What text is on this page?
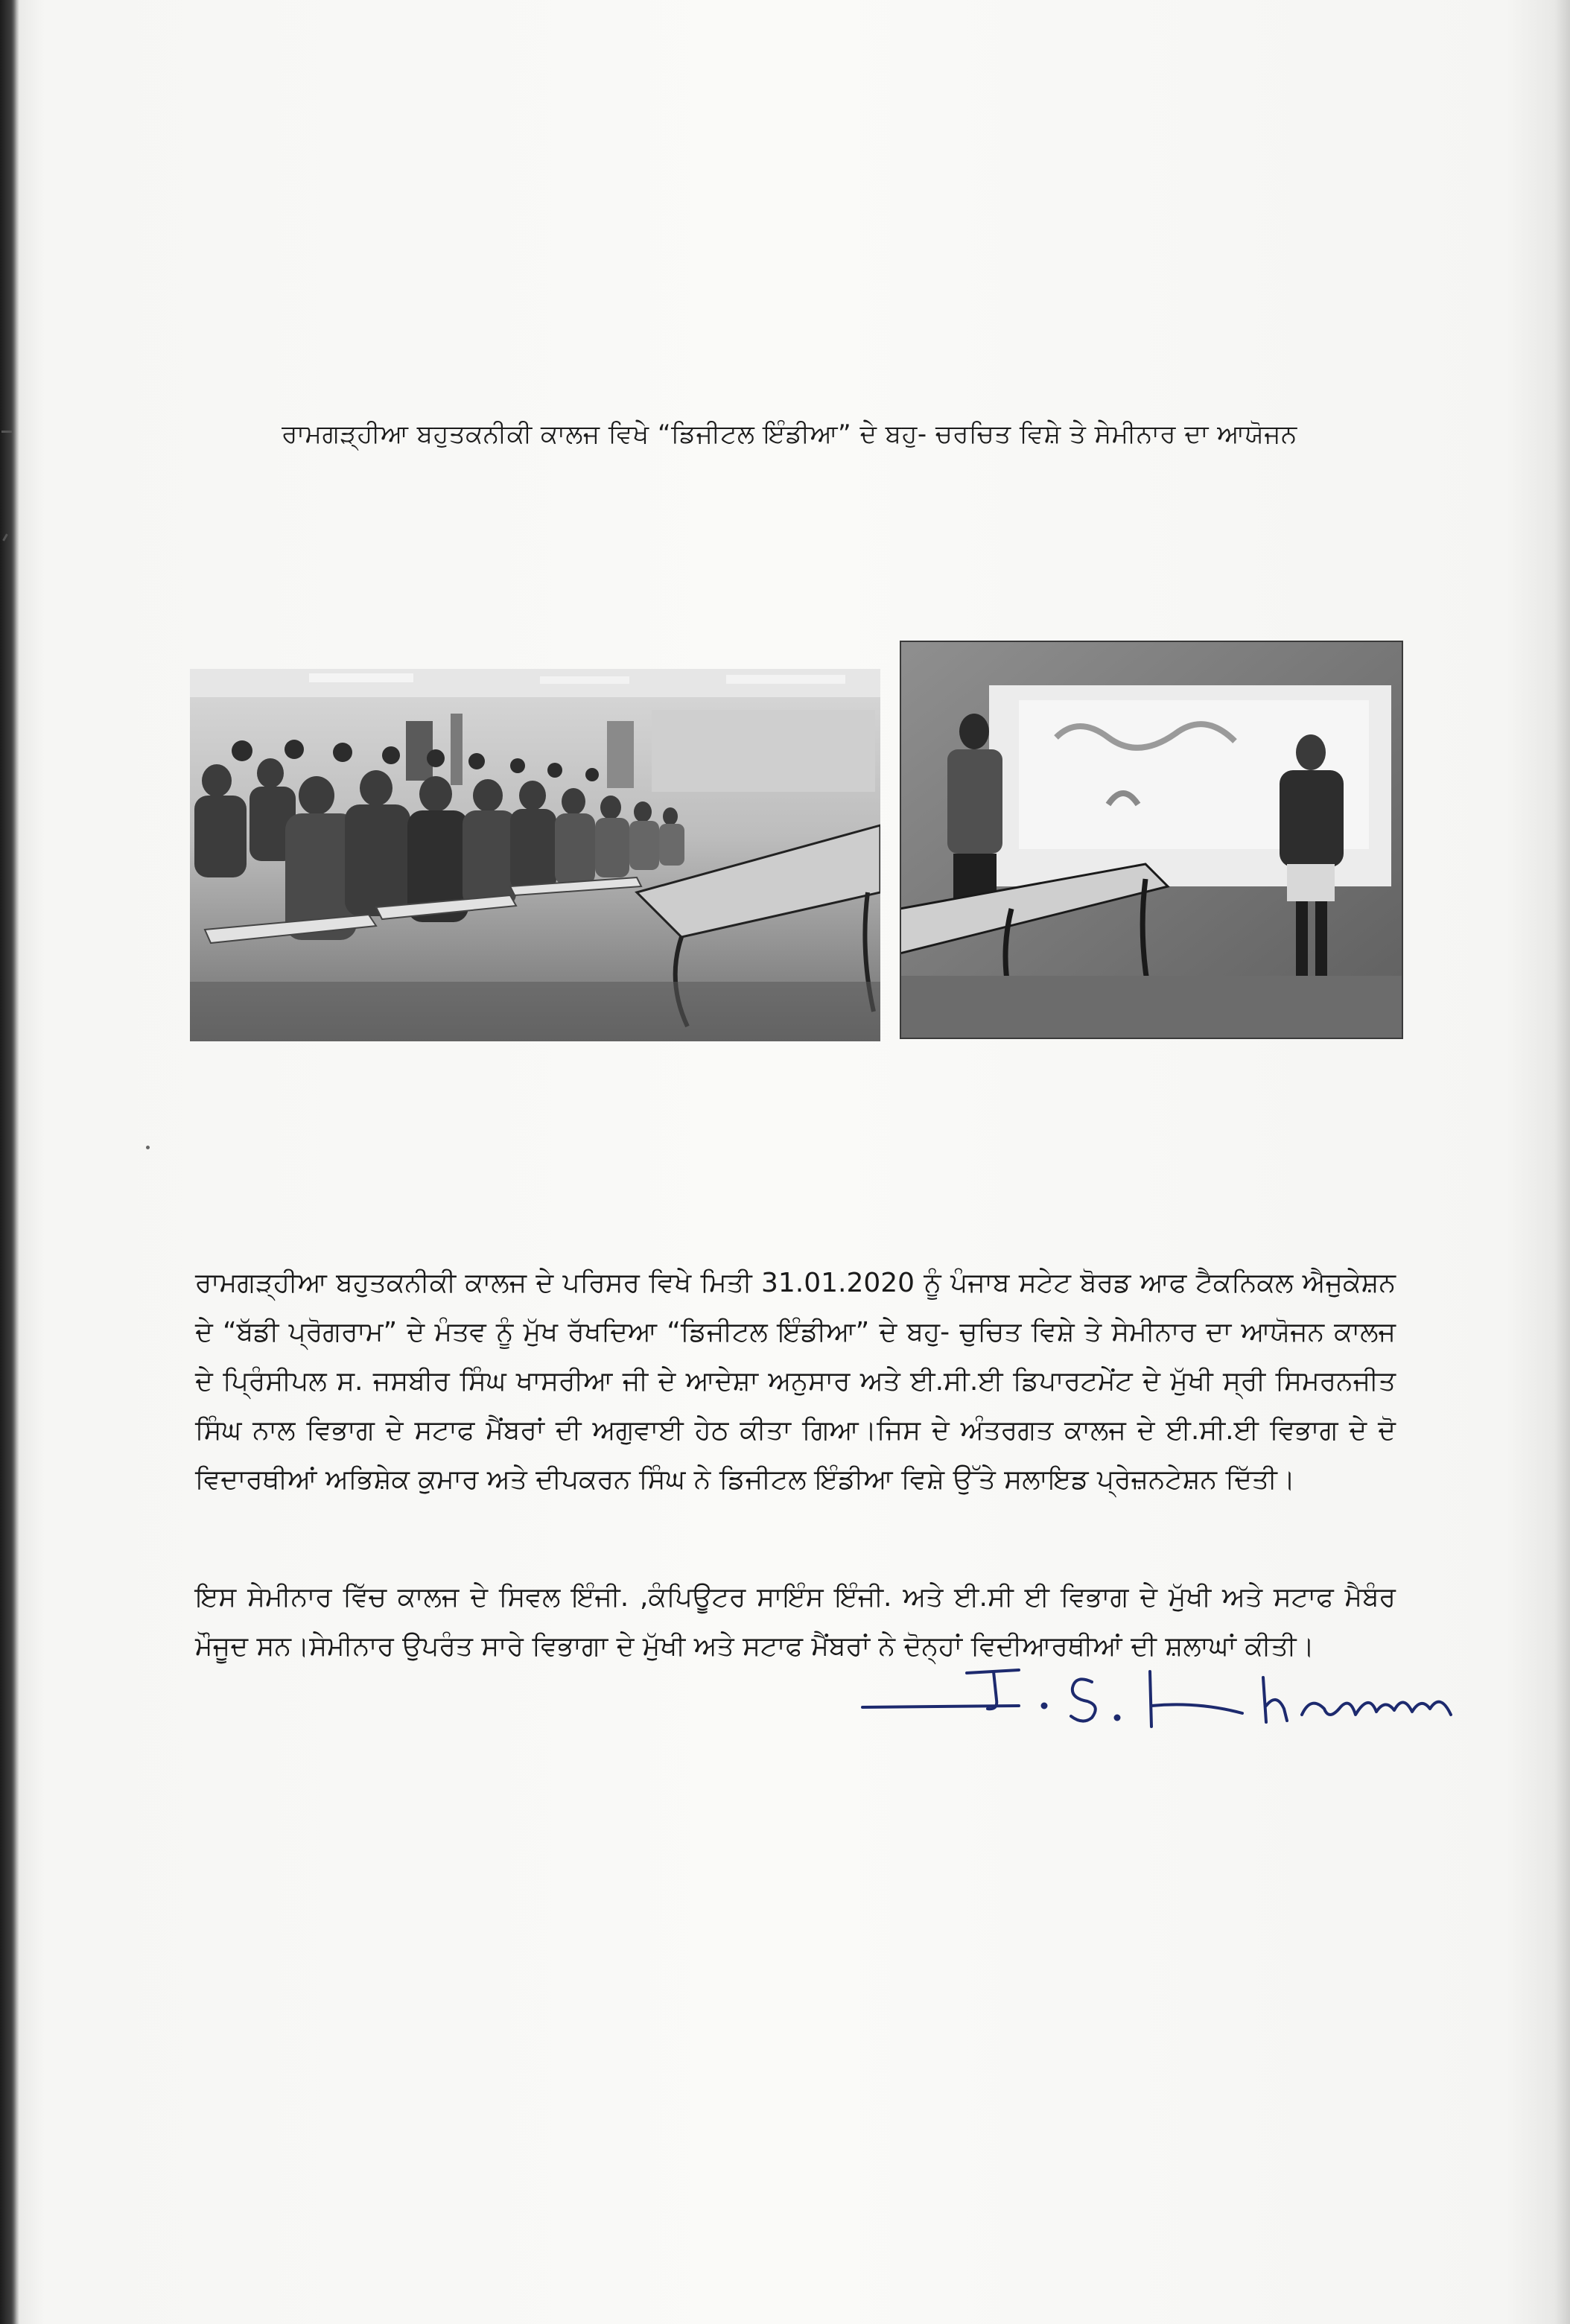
ਰਾਮਗੜ੍ਹੀਆ ਬਹੁਤਕਨੀਕੀ ਕਾਲਜ ਵਿਖੇ “ਡਿਜੀਟਲ ਇੰਡੀਆ” ਦੇ ਬਹੁ- ਚਰਚਿਤ ਵਿਸ਼ੇ ਤੇ ਸੇਮੀਨਾਰ ਦਾ ਆਯੋਜਨ

ਰਾਮਗੜ੍ਹੀਆ ਬਹੁਤਕਨੀਕੀ ਕਾਲਜ ਦੇ ਪਰਿਸਰ ਵਿਖੇ ਮਿਤੀ 31.01.2020 ਨੂੰ ਪੰਜਾਬ ਸਟੇਟ ਬੋਰਡ ਆਫ ਟੈਕਨਿਕਲ ਐਜੁਕੇਸ਼ਨ ਦੇ “ਬੱਡੀ ਪ੍ਰੋਗਰਾਮ” ਦੇ ਮੰਤਵ ਨੂੰ ਮੁੱਖ ਰੱਖਦਿਆ “ਡਿਜੀਟਲ ਇੰਡੀਆ” ਦੇ ਬਹੁ- ਚੁਚਿਤ ਵਿਸ਼ੇ ਤੇ ਸੇਮੀਨਾਰ ਦਾ ਆਯੋਜਨ ਕਾਲਜ ਦੇ ਪ੍ਰਿੰਸੀਪਲ ਸ. ਜਸਬੀਰ ਸਿੰਘ ਖਾਸਰੀਆ ਜੀ ਦੇ ਆਦੇਸ਼ਾ ਅਨੁਸਾਰ ਅਤੇ ਈ.ਸੀ.ਈ ਡਿਪਾਰਟਮੇਂਟ ਦੇ ਮੁੱਖੀ ਸ੍ਰੀ ਸਿਮਰਨਜੀਤ ਸਿੰਘ ਨਾਲ ਵਿਭਾਗ ਦੇ ਸਟਾਫ ਮੈਂਬਰਾਂ ਦੀ ਅਗੁਵਾਈ ਹੇਠ ਕੀਤਾ ਗਿਆ।ਜਿਸ ਦੇ ਅੰਤਰਗਤ ਕਾਲਜ ਦੇ ਈ.ਸੀ.ਈ ਵਿਭਾਗ ਦੇ ਦੋ ਵਿਦਾਰਥੀਆਂ ਅਭਿਸ਼ੇਕ ਕੁਮਾਰ ਅਤੇ ਦੀਪਕਰਨ ਸਿੰਘ ਨੇ ਡਿਜੀਟਲ ਇੰਡੀਆ ਵਿਸ਼ੇ ਉੱਤੇ ਸਲਾਇਡ ਪ੍ਰੇਜ਼ਨਟੇਸ਼ਨ ਦਿੱਤੀ।

ਇਸ ਸੇਮੀਨਾਰ ਵਿੱਚ ਕਾਲਜ ਦੇ ਸਿਵਲ ਇੰਜੀ. ,ਕੰਪਿਊਟਰ ਸਾਇੰਸ ਇੰਜੀ. ਅਤੇ ਈ.ਸੀ ਈ ਵਿਭਾਗ ਦੇ ਮੁੱਖੀ ਅਤੇ ਸਟਾਫ ਮੈਬੰਰ ਮੌਜੂਦ ਸਨ।ਸੇਮੀਨਾਰ ਉਪਰੰਤ ਸਾਰੇ ਵਿਭਾਗਾ ਦੇ ਮੁੱਖੀ ਅਤੇ ਸਟਾਫ ਮੈਂਬਰਾਂ ਨੇ ਦੋਨ੍ਹਾਂ ਵਿਦੀਆਰਥੀਆਂ ਦੀ ਸ਼ਲਾਘਾਂ ਕੀਤੀ।
